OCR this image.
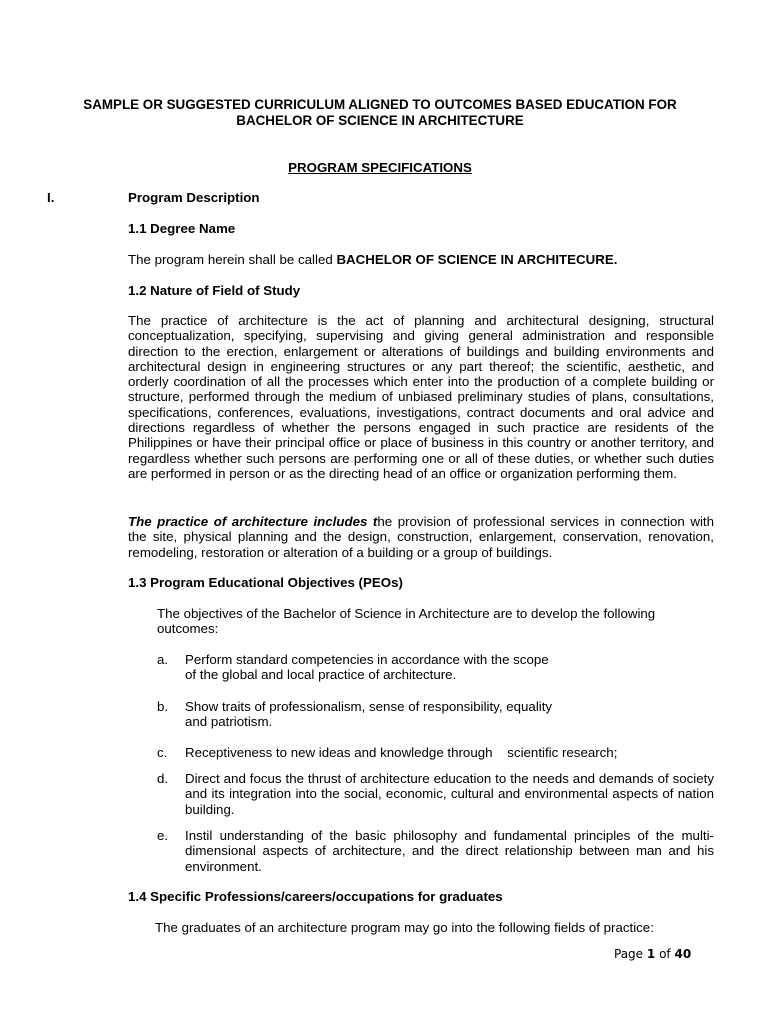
SAMPLE OR SUGGESTED CURRICULUM ALIGNED TO OUTCOMES BASED EDUCATION FOR

BACHELOR OF SCIENCE IN ARCHITECTURE

PROGRAM SPECIFICATIONS

I.	Program Description

1.1 Degree Name

The program herein shall be called BACHELOR OF SCIENCE IN ARCHITECURE.

1.2 Nature of Field of Study

The practice of architecture is the act of planning and architectural designing, structural conceptualization, specifying, supervising and giving general administration and responsible direction to the erection, enlargement or alterations of buildings and building environments and architectural design in engineering structures or any part thereof; the scientific, aesthetic, and orderly coordination of all the processes which enter into the production of a complete building or structure, performed through the medium of unbiased preliminary studies of plans, consultations, specifications, conferences, evaluations, investigations, contract documents and oral advice and directions regardless of whether the persons engaged in such practice are residents of the Philippines or have their principal office or place of business in this country or another territory, and regardless whether such persons are performing one or all of these duties, or whether such duties are performed in person or as the directing head of an office or organization performing them.

The practice of architecture includes the provision of professional services in connection with the site, physical planning and the design, construction, enlargement, conservation, renovation, remodeling, restoration or alteration of a building or a group of buildings.

1.3 Program Educational Objectives (PEOs)

The objectives of the Bachelor of Science in Architecture are to develop the following outcomes:

a. Perform standard competencies in accordance with the scope of the global and local practice of architecture.
b. Show traits of professionalism, sense of responsibility, equality and patriotism.
c. Receptiveness to new ideas and knowledge through    scientific research;
d. Direct and focus the thrust of architecture education to the needs and demands of society and its integration into the social, economic, cultural and environmental aspects of nation building.
e. Instil understanding of the basic philosophy and fundamental principles of the multi-dimensional aspects of architecture, and the direct relationship between man and his environment.

1.4 Specific Professions/careers/occupations for graduates

The graduates of an architecture program may go into the following fields of practice:

Page 1 of 40
